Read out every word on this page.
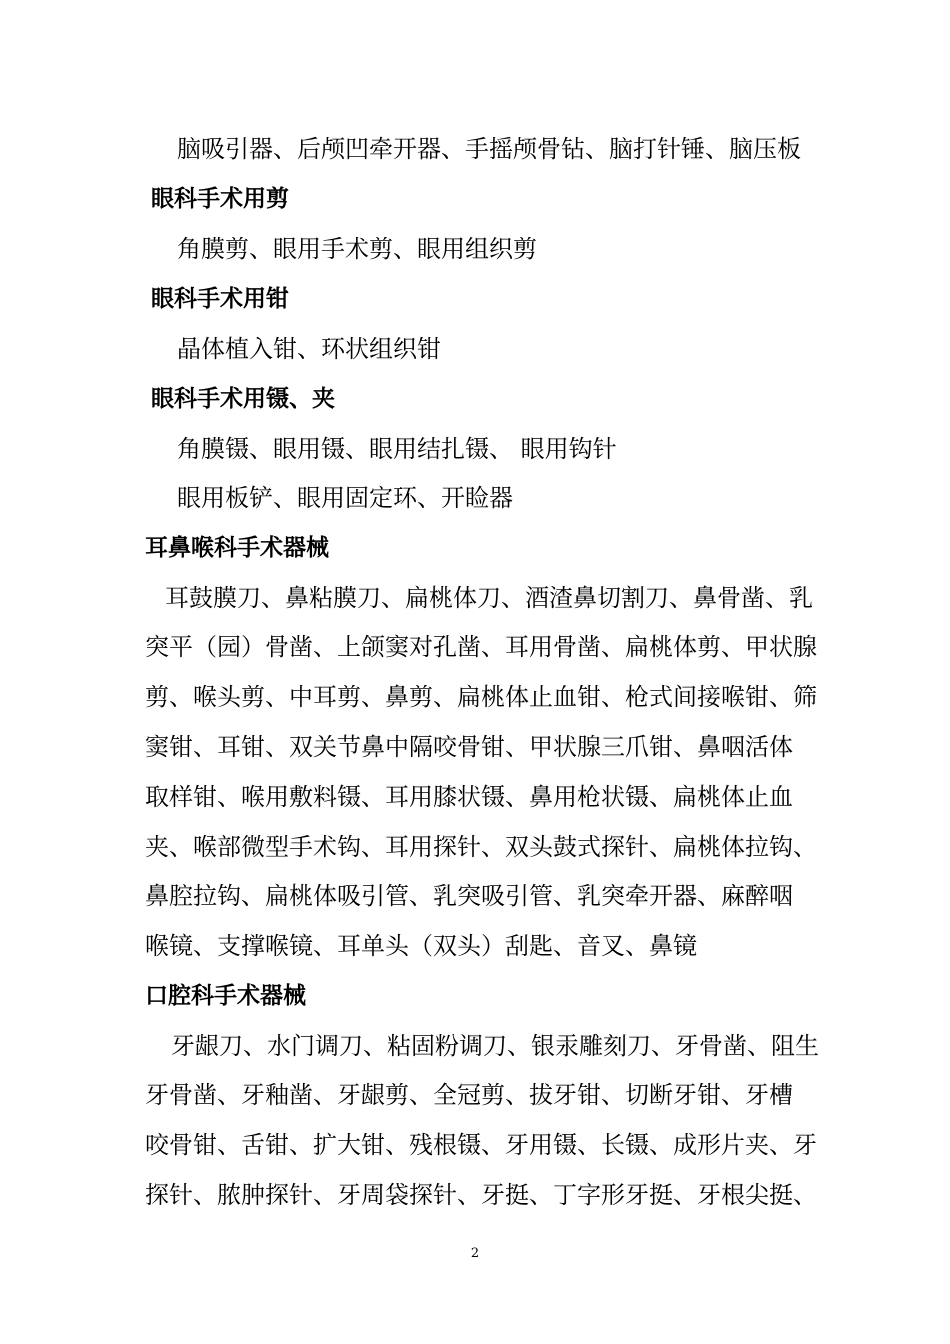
脑吸引器、后颅凹牵开器、手摇颅骨钻、脑打针锤、脑压板

眼科手术用剪

角膜剪、眼用手术剪、眼用组织剪

眼科手术用钳

晶体植入钳、环状组织钳

眼科手术用镊、夹

角膜镊、眼用镊、眼用结扎镊、 眼用钩针

眼用板铲、眼用固定环、开睑器

耳鼻喉科手术器械

耳鼓膜刀、鼻粘膜刀、扁桃体刀、酒渣鼻切割刀、鼻骨凿、乳

突平（园）骨凿、上颌窦对孔凿、耳用骨凿、扁桃体剪、甲状腺

剪、喉头剪、中耳剪、鼻剪、扁桃体止血钳、枪式间接喉钳、筛

窦钳、耳钳、双关节鼻中隔咬骨钳、甲状腺三爪钳、鼻咽活体

取样钳、喉用敷料镊、耳用膝状镊、鼻用枪状镊、扁桃体止血

夹、喉部微型手术钩、耳用探针、双头鼓式探针、扁桃体拉钩、

鼻腔拉钩、扁桃体吸引管、乳突吸引管、乳突牵开器、麻醉咽

喉镜、支撑喉镜、耳单头（双头）刮匙、音叉、鼻镜

口腔科手术器械

牙龈刀、水门调刀、粘固粉调刀、银汞雕刻刀、牙骨凿、阻生

牙骨凿、牙釉凿、牙龈剪、全冠剪、拔牙钳、切断牙钳、牙槽

咬骨钳、舌钳、扩大钳、残根镊、牙用镊、长镊、成形片夹、牙

探针、脓肿探针、牙周袋探针、牙挺、丁字形牙挺、牙根尖挺、

2
